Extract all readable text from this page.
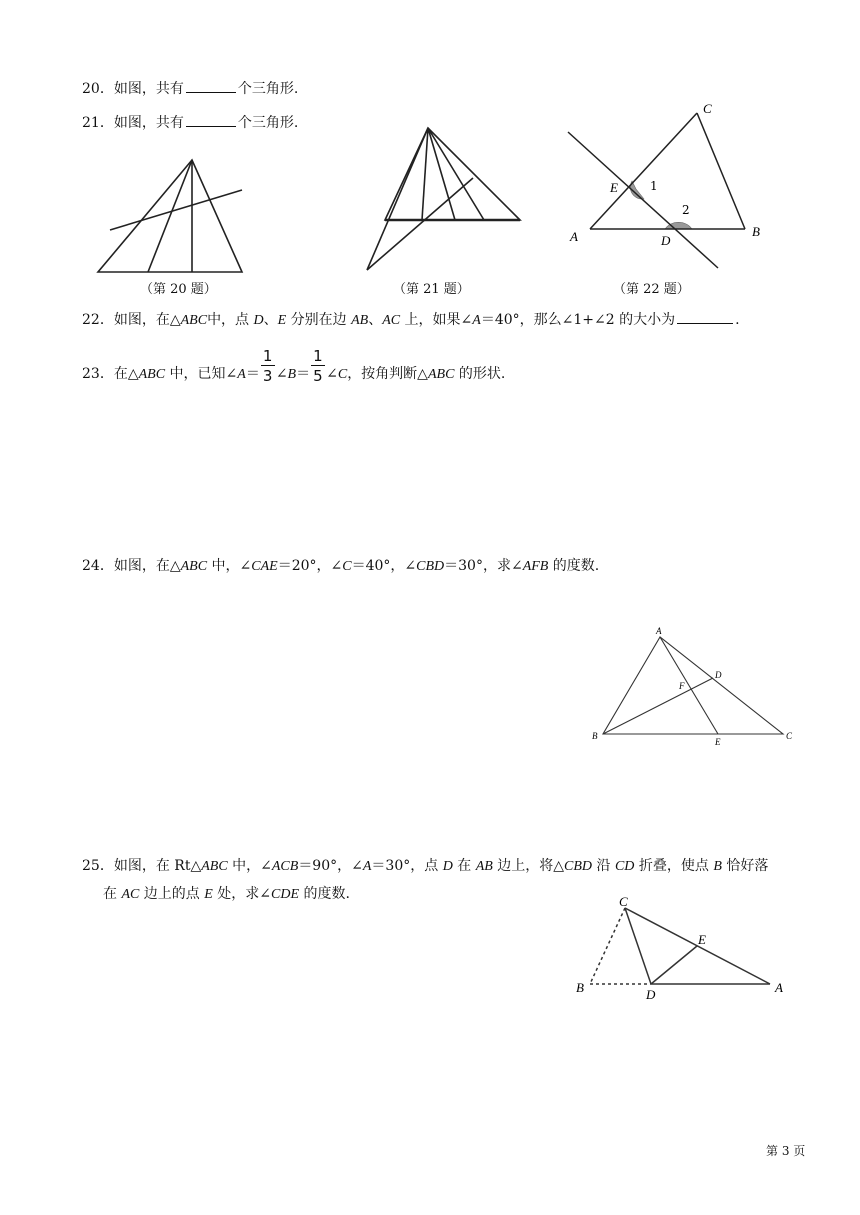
20．如图，共有	个三角形.
21．如图，共有	个三角形.
A	B
C
D
E	1
2
A
B	C
D
E
F
C
B	D
E
A
（第 20 题）	（第 21 题）	（第 22 题）
22．如图，在△ABC中，点 D、E 分别在边 AB、AC 上，如果∠A＝40°，那么∠1+∠2 的大小为	.
23．在△ABC 中，已知∠A＝ $\frac{1}{3}$ ∠B＝ $\frac{1}{5}$ ∠C，按角判断△ABC 的形状.
24．如图，在△ABC 中，∠CAE＝20°，∠C＝40°，∠CBD＝30°，求∠AFB 的度数.
25．如图，在 Rt△ABC 中，∠ACB＝90°，∠A＝30°，点 D 在 AB 边上，将△CBD 沿 CD 折叠，使点 B 恰好落
在 AC 边上的点 E 处，求∠CDE 的度数.
第 3 页
